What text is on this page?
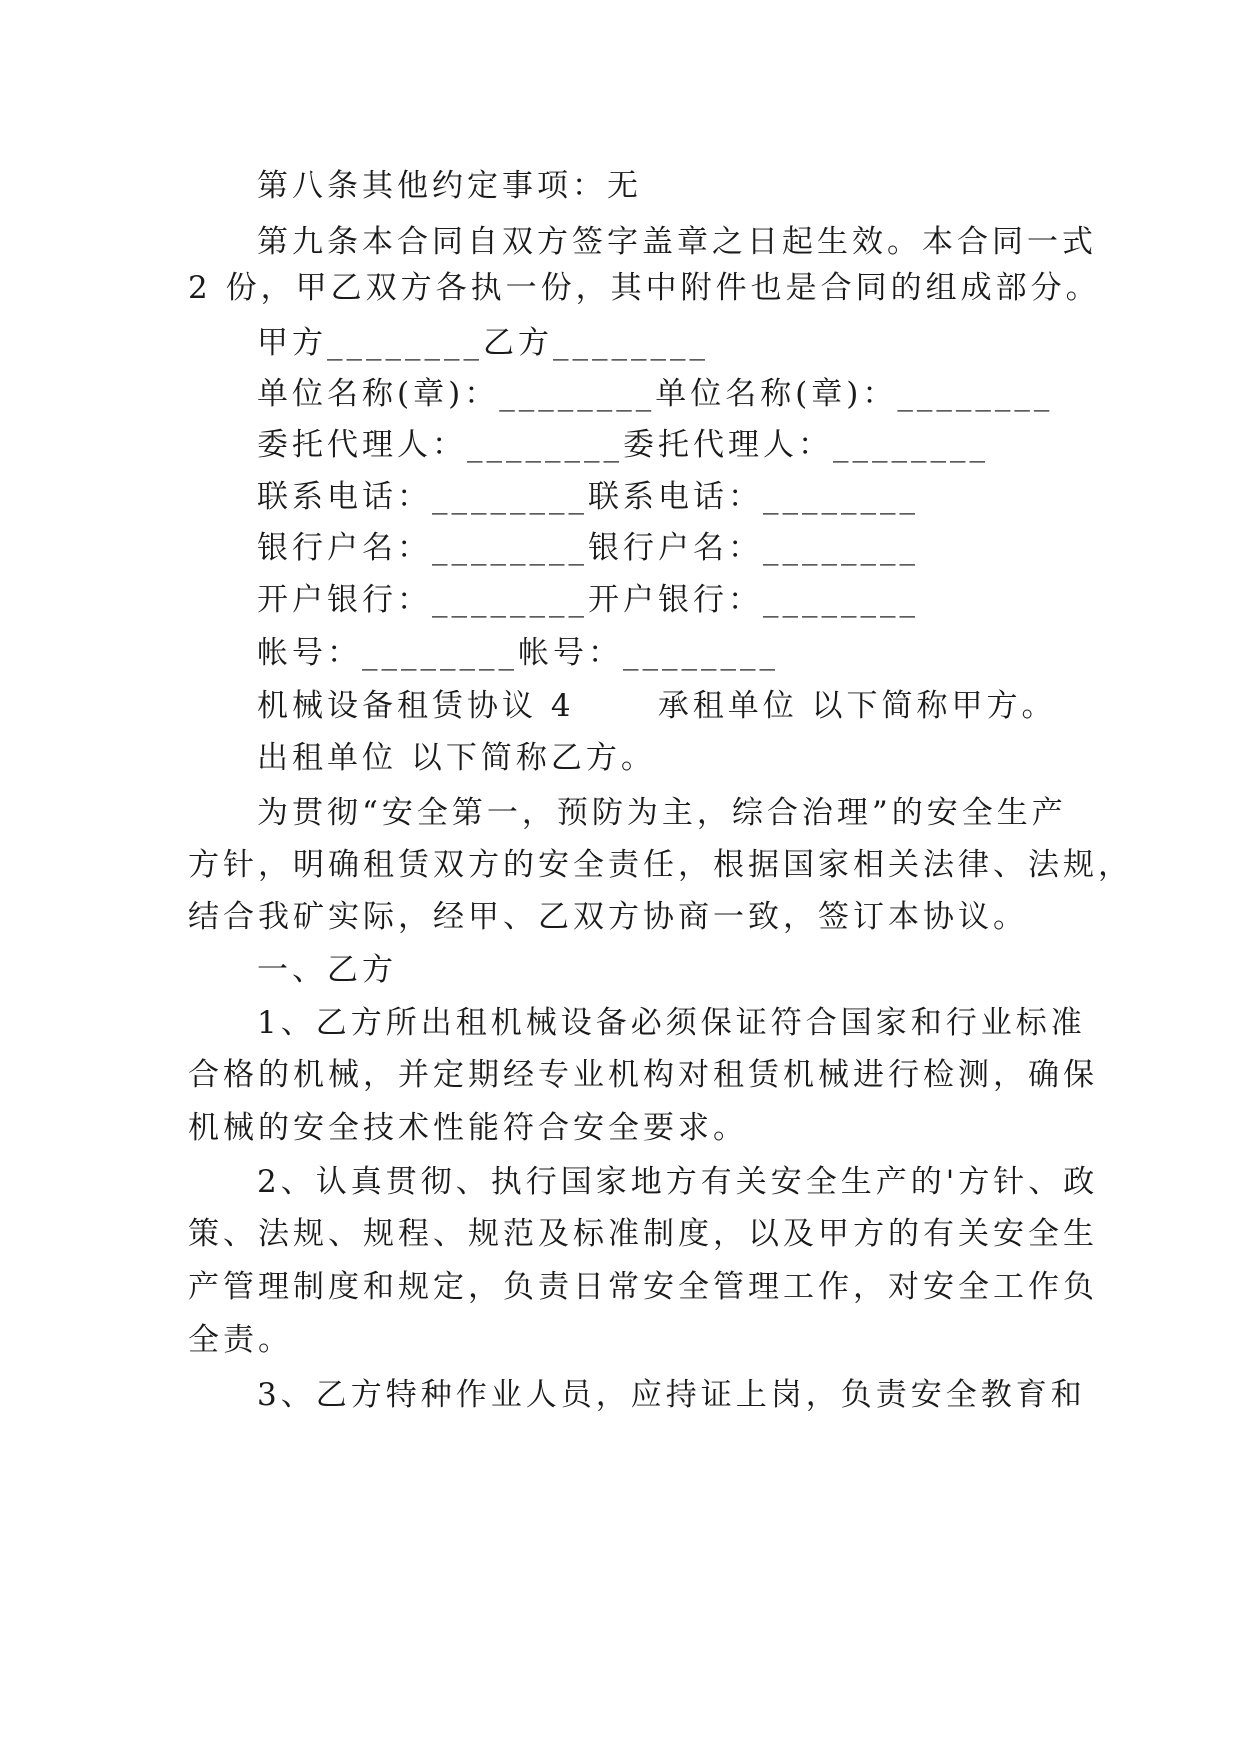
第八条其他约定事项：无
第九条本合同自双方签字盖章之日起生效。本合同一式
2 份，甲乙双方各执一份，其中附件也是合同的组成部分。
甲方________乙方________
单位名称(章)：________单位名称(章)：________
委托代理人：________委托代理人：________
联系电话：________联系电话：________
银行户名：________银行户名：________
开户银行：________开户银行：________
帐号：________帐号：________
机械设备租赁协议 4      承租单位 以下简称甲方。
出租单位 以下简称乙方。
为贯彻“安全第一，预防为主，综合治理”的安全生产
方针，明确租赁双方的安全责任，根据国家相关法律、法规，
结合我矿实际，经甲、乙双方协商一致，签订本协议。
一、乙方
1、乙方所出租机械设备必须保证符合国家和行业标准
合格的机械，并定期经专业机构对租赁机械进行检测，确保
机械的安全技术性能符合安全要求。
2、认真贯彻、执行国家地方有关安全生产的'方针、政
策、法规、规程、规范及标准制度，以及甲方的有关安全生
产管理制度和规定，负责日常安全管理工作，对安全工作负
全责。
3、乙方特种作业人员，应持证上岗，负责安全教育和
